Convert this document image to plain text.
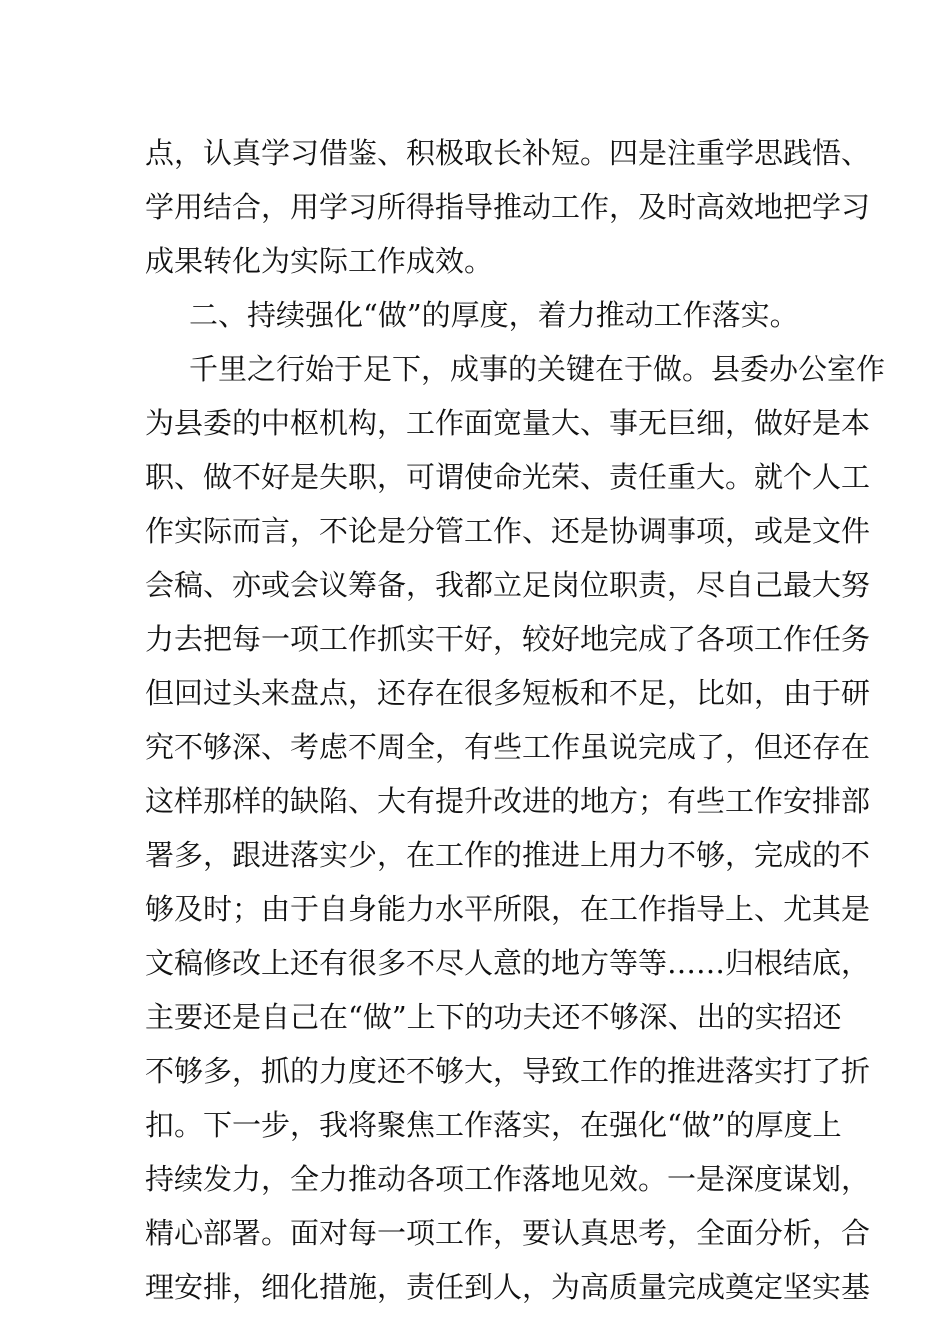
点，认真学习借鉴、积极取长补短。四是注重学思践悟、
学用结合，用学习所得指导推动工作，及时高效地把学习
成果转化为实际工作成效。
二、持续强化“做”的厚度，着力推动工作落实。
千里之行始于足下，成事的关键在于做。县委办公室作
为县委的中枢机构，工作面宽量大、事无巨细，做好是本
职、做不好是失职，可谓使命光荣、责任重大。就个人工
作实际而言，不论是分管工作、还是协调事项，或是文件
会稿、亦或会议筹备，我都立足岗位职责，尽自己最大努
力去把每一项工作抓实干好，较好地完成了各项工作任务
但回过头来盘点，还存在很多短板和不足，比如，由于研
究不够深、考虑不周全，有些工作虽说完成了，但还存在
这样那样的缺陷、大有提升改进的地方；有些工作安排部
署多，跟进落实少，在工作的推进上用力不够，完成的不
够及时；由于自身能力水平所限，在工作指导上、尤其是
文稿修改上还有很多不尽人意的地方等等……归根结底，
主要还是自己在“做”上下的功夫还不够深、出的实招还
不够多，抓的力度还不够大，导致工作的推进落实打了折
扣。下一步，我将聚焦工作落实，在强化“做”的厚度上
持续发力，全力推动各项工作落地见效。一是深度谋划，
精心部署。面对每一项工作，要认真思考，全面分析，合
理安排，细化措施，责任到人，为高质量完成奠定坚实基
